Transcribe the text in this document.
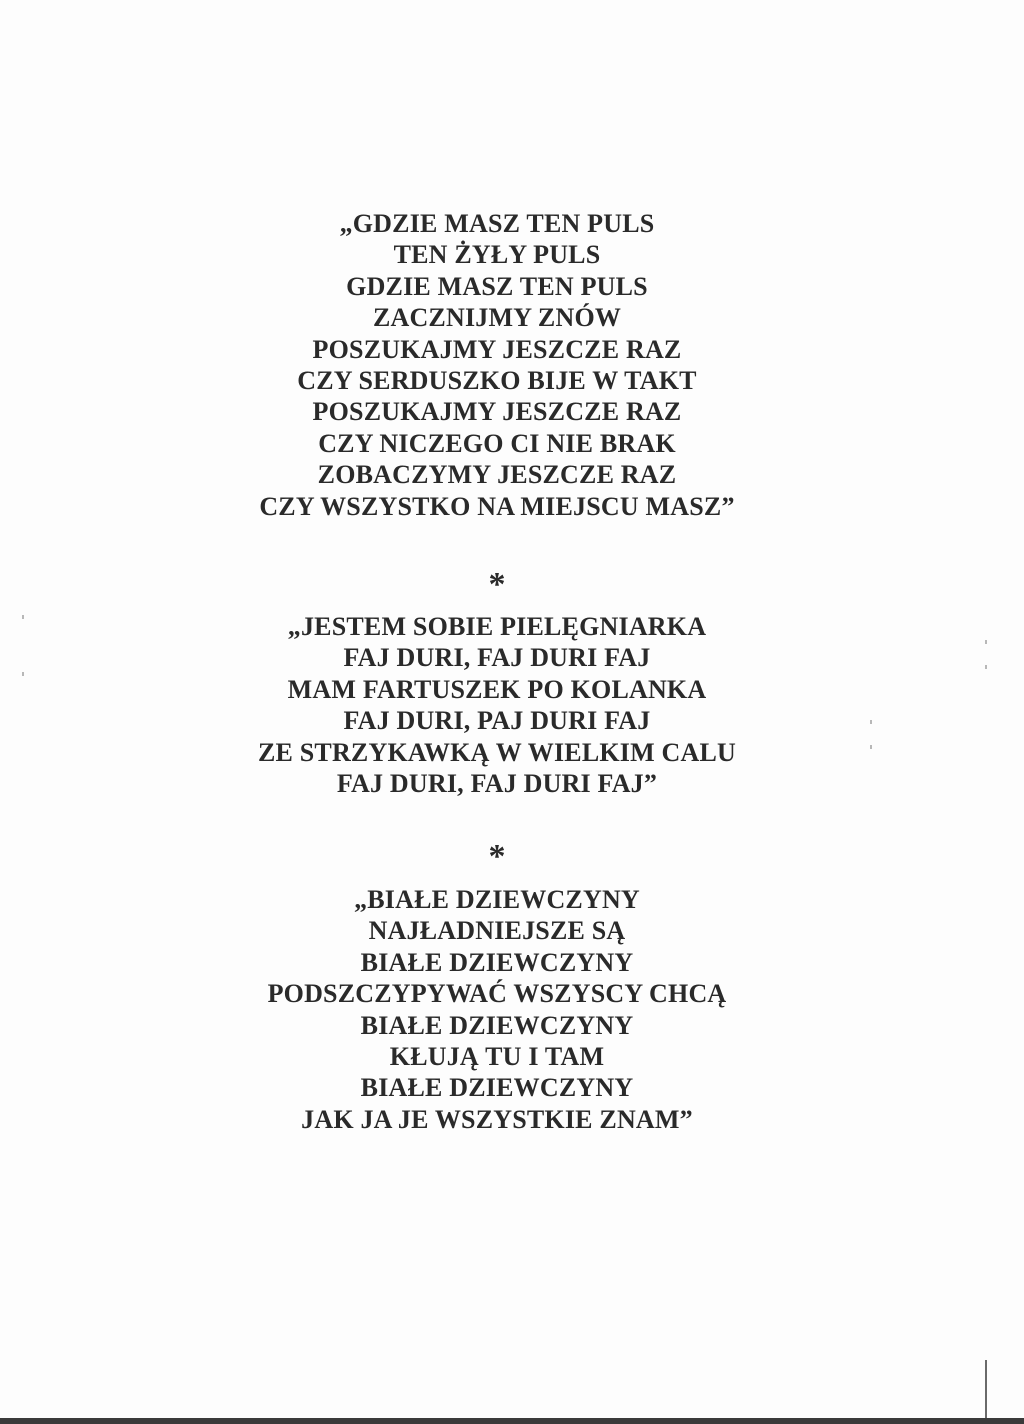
„GDZIE MASZ TEN PULS
TEN ŻYŁY PULS
GDZIE MASZ TEN PULS
ZACZNIJMY ZNÓW
POSZUKAJMY JESZCZE RAZ
CZY SERDUSZKO BIJE W TAKT
POSZUKAJMY JESZCZE RAZ
CZY NICZEGO CI NIE BRAK
ZOBACZYMY JESZCZE RAZ
CZY WSZYSTKO NA MIEJSCU MASZ”
*
„JESTEM SOBIE PIELĘGNIARKA
FAJ DURI, FAJ DURI FAJ
MAM FARTUSZEK PO KOLANKA
FAJ DURI, PAJ DURI FAJ
ZE STRZYKAWKĄ W WIELKIM CALU
FAJ DURI, FAJ DURI FAJ”
*
„BIAŁE DZIEWCZYNY
NAJŁADNIEJSZE SĄ
BIAŁE DZIEWCZYNY
PODSZCZYPYWAĆ WSZYSCY CHCĄ
BIAŁE DZIEWCZYNY
KŁUJĄ TU I TAM
BIAŁE DZIEWCZYNY
JAK JA JE WSZYSTKIE ZNAM”
